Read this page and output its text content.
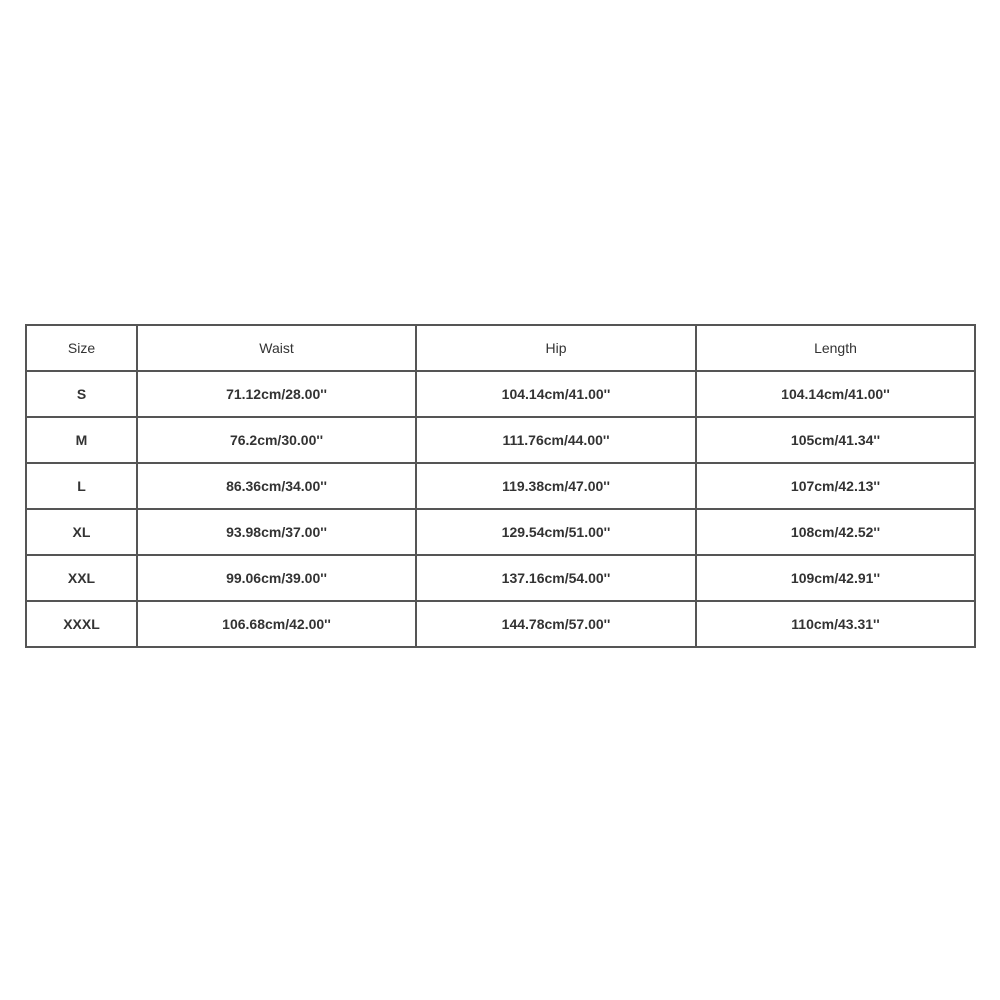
Size	Waist	Hip	Length
S	71.12cm/28.00''	104.14cm/41.00''	104.14cm/41.00''
M	76.2cm/30.00''	111.76cm/44.00''	105cm/41.34''
L	86.36cm/34.00''	119.38cm/47.00''	107cm/42.13''
XL	93.98cm/37.00''	129.54cm/51.00''	108cm/42.52''
XXL	99.06cm/39.00''	137.16cm/54.00''	109cm/42.91''
XXXL	106.68cm/42.00''	144.78cm/57.00''	110cm/43.31''
